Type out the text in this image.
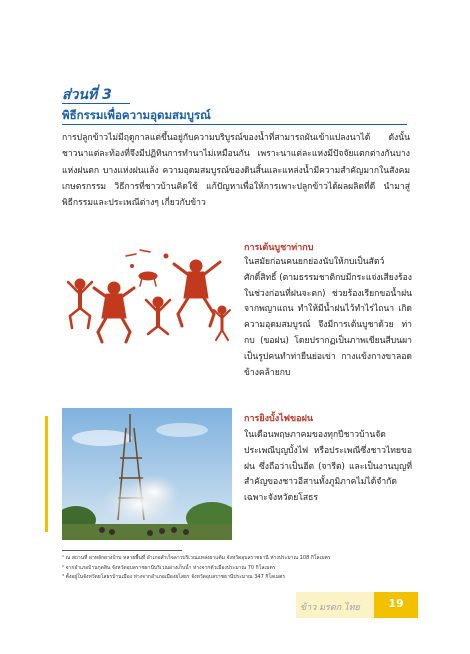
ส่วนที่ 3
พิธีกรรมเพื่อความอุดมสมบูรณ์

การปลูกข้าวไม่มีฤดูกาลแต่ขึ้นอยู่กับความบริบูรณ์ของน้ำที่สามารถผันเข้าแปลงนาได้ ดังนั้นชาวนาแต่ละท้องที่จึงมีปฏิทินการทำนาไม่เหมือนกัน เพราะนาแต่ละแห่งมีปัจจัยแตกต่างกันบางแห่งฝนตก บางแห่งฝนแล้ง ความอุดมสมบูรณ์ของดินสิ้นและแหล่งน้ำมีความสำคัญมากในสังคมเกษตรกรรม วิธีการที่ชาวบ้านคิดใช้ แก้ปัญหาเพื่อให้การเพาะปลูกข้าวได้ผลผลิตที่ดี นำมาสู่พิธีกรรมและประเพณีต่างๆ เกี่ยวกับข้าว

การเต้นบูชาท่ากบ

ในสมัยก่อนคนยกย่องนับให้กบเป็นสัตว์ศักดิ์สิทธิ์ (ตามธรรมชาติกบมีกระแจ่งเสียงร้องในช่วงก่อนที่ฝนจะตก) ช่วยร้องเรียกขอน้ำฝนจากพญาแถน ทำให้มีน้ำฝนไว้ทำไร่ไถนา เกิดความอุดมสมบูรณ์ จึงมีการเต้นบูชาด้วย ท่ากบ (ขอฝน) โดยปรากฏเป็นภาพเขียนสีบนผาเป็นรูปคนทำท่ายืนย่อเข่า กางแข้งกางขาลอดข้างคล้ายกบ

การยิงบั้งไฟขอฝน

ในเดือนพฤษภาคมของทุกปีชาวบ้านจัดประเพณีบุญบั้งไฟ หรือประเพณีซึ่งชาวไทยขอฝน ซึ่งถือว่าเป็นฮีต (จารีต) และเป็นงานบุญที่สำคัญของชาวอีสานทั้งภูมิภาคไม่ได้จำกัดเฉพาะจังหวัดยโสธร

¹ ณ สถานที่ ผาหลักผางบ้าบ หลายพื้นที่ อำเภอสำเร็จลาวบริเวณแหล่งผาแต้ม จังหวัดอุบลราชธานี ห่างประมาณ 108 กิโลเมตร
² จากอำเภอบ้านกุดสิน จังหวัดอุบลราชธานีบริเวณอ่างเก็บน้ำ ห่างจากตัวเมืองประมาณ 70 กิโลเมตร
³ ตั้งอยู่ในจังหวัดยโสธรบ้านเมือง ห่างจากอำเภอเมืองยโสธร จังหวัดอุบลราชธานีประมาณ 347 กิโลเมตร
ข้าว มรดก ไทย	19
